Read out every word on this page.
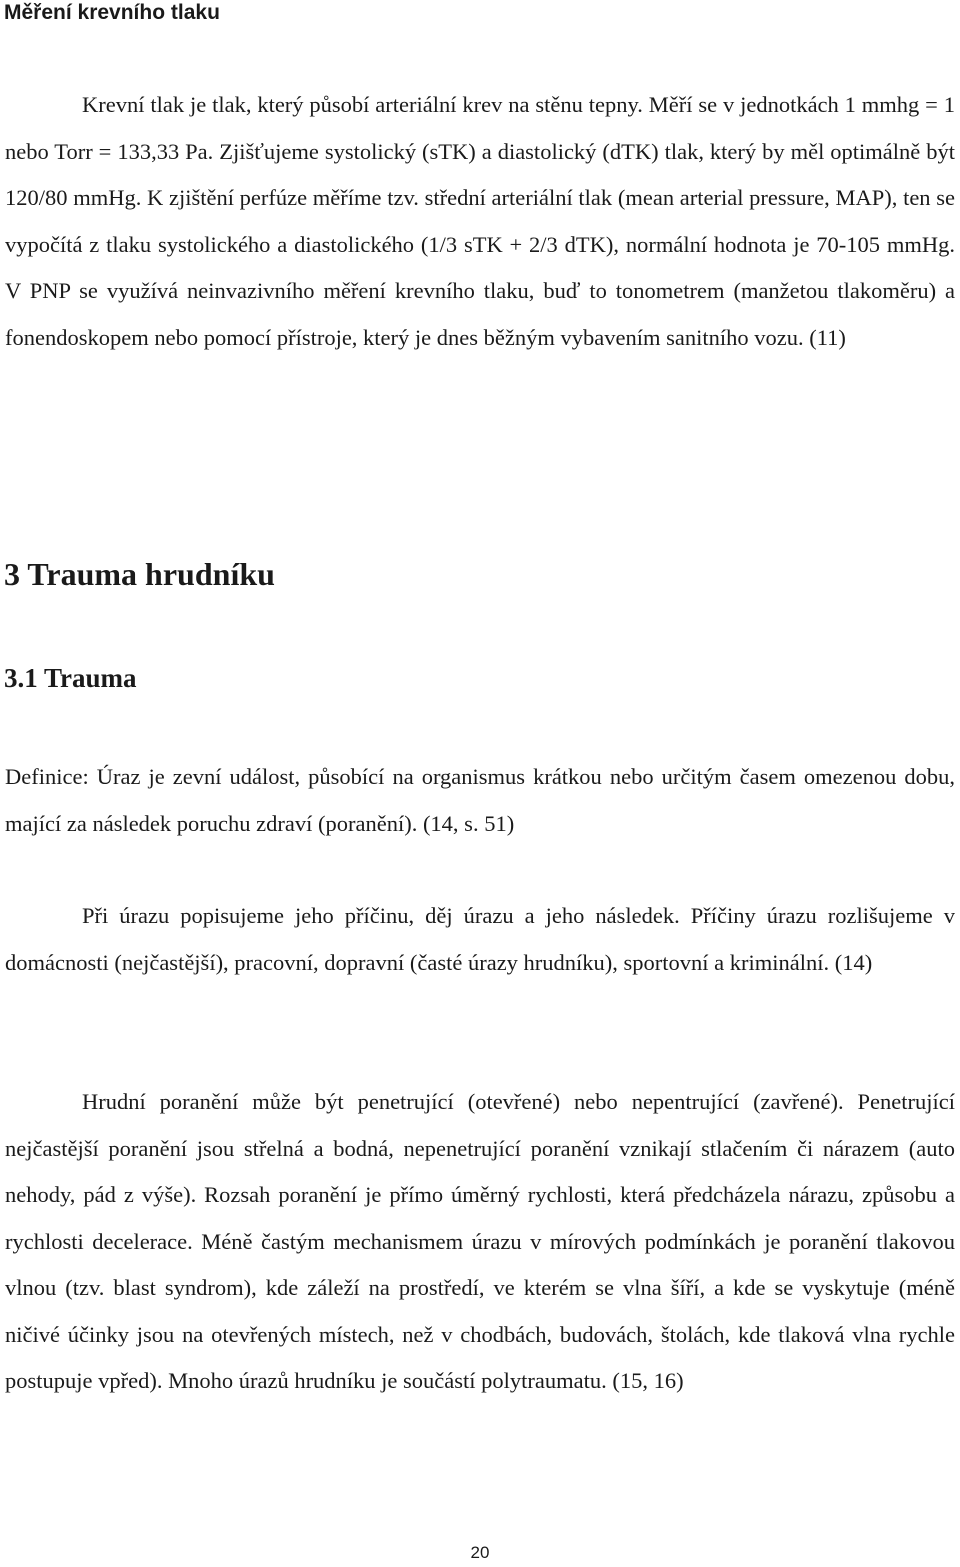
Měření krevního tlaku

Krevní tlak je tlak, který působí arteriální krev na stěnu tepny. Měří se v jednotkách 1 mmhg = 1 nebo Torr = 133,33 Pa. Zjišťujeme systolický (sTK) a diastolický (dTK) tlak, který by měl optimálně být 120/80 mmHg. K zjištění perfúze měříme tzv. střední arteriální tlak (mean arterial pressure, MAP), ten se vypočítá z tlaku systolického a diastolického (1/3 sTK + 2/3 dTK), normální hodnota je 70-105 mmHg. V PNP se využívá neinvazivního měření krevního tlaku, buď to tonometrem (manžetou tlakoměru) a fonendoskopem nebo pomocí přístroje, který je dnes běžným vybavením sanitního vozu. (11)

3 Trauma hrudníku
3.1 Trauma

Definice: Úraz je zevní událost, působící na organismus krátkou nebo určitým časem omezenou dobu, mající za následek poruchu zdraví (poranění). (14, s. 51)

Při úrazu popisujeme jeho příčinu, děj úrazu a jeho následek. Příčiny úrazu rozlišujeme v domácnosti (nejčastější), pracovní, dopravní (časté úrazy hrudníku), sportovní a kriminální. (14)

Hrudní poranění může být penetrující (otevřené) nebo nepentrující (zavřené). Penetrující nejčastější poranění jsou střelná a bodná, nepenetrující poranění vznikají stlačením či nárazem (auto nehody, pád z výše). Rozsah poranění je přímo úměrný rychlosti, která předcházela nárazu, způsobu a rychlosti decelerace. Méně častým mechanismem úrazu v mírových podmínkách je poranění tlakovou vlnou (tzv. blast syndrom), kde záleží na prostředí, ve kterém se vlna šíří, a kde se vyskytuje (méně ničivé účinky jsou na otevřených místech, než v chodbách, budovách, štolách, kde tlaková vlna rychle postupuje vpřed). Mnoho úrazů hrudníku je součástí polytraumatu. (15, 16)

20
